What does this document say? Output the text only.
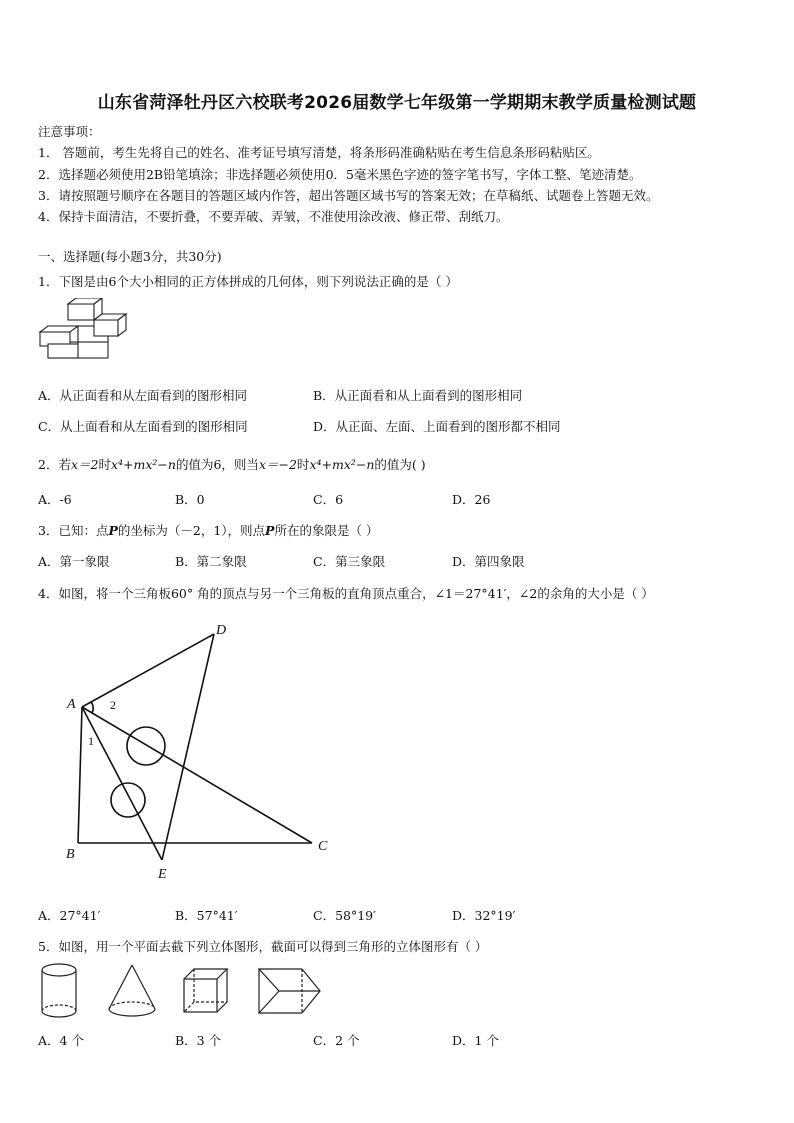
山东省菏泽牡丹区六校联考2026届数学七年级第一学期期末教学质量检测试题
注意事项：
1． 答题前，考生先将自己的姓名、准考证号填写清楚，将条形码准确粘贴在考生信息条形码粘贴区。
2．选择题必须使用2B铅笔填涂；非选择题必须使用0．5毫米黑色字迹的签字笔书写，字体工整、笔迹清楚。
3．请按照题号顺序在各题目的答题区域内作答，超出答题区域书写的答案无效；在草稿纸、试题卷上答题无效。
4．保持卡面清洁，不要折叠，不要弄破、弄皱，不准使用涂改液、修正带、刮纸刀。
一、选择题(每小题3分，共30分)
1．下图是由6个大小相同的正方体拼成的几何体，则下列说法正确的是（ ）
A．从正面看和从左面看到的图形相同	B．从正面看和从上面看到的图形相同
C．从上面看和从左面看到的图形相同	D．从正面、左面、上面看到的图形都不相同
2．若x＝2时x⁴+mx²−n的值为6，则当x＝−2时x⁴+mx²−n的值为( )
A．-6	B．0	C．6	D．26
3．已知：点P的坐标为（－2，1），则点P所在的象限是（ ）
A．第一象限	B．第二象限	C．第三象限	D．第四象限
4．如图，将一个三角板60° 角的顶点与另一个三角板的直角顶点重合，∠1＝27°41′，∠2的余角的大小是（ ）
A
B
C
D
E
1
2
A．27°41′	B．57°41′	C．58°19′	D．32°19′
5．如图，用一个平面去截下列立体图形，截面可以得到三角形的立体图形有（ ）
A．4 个	B．3 个	C．2 个	D．1 个
